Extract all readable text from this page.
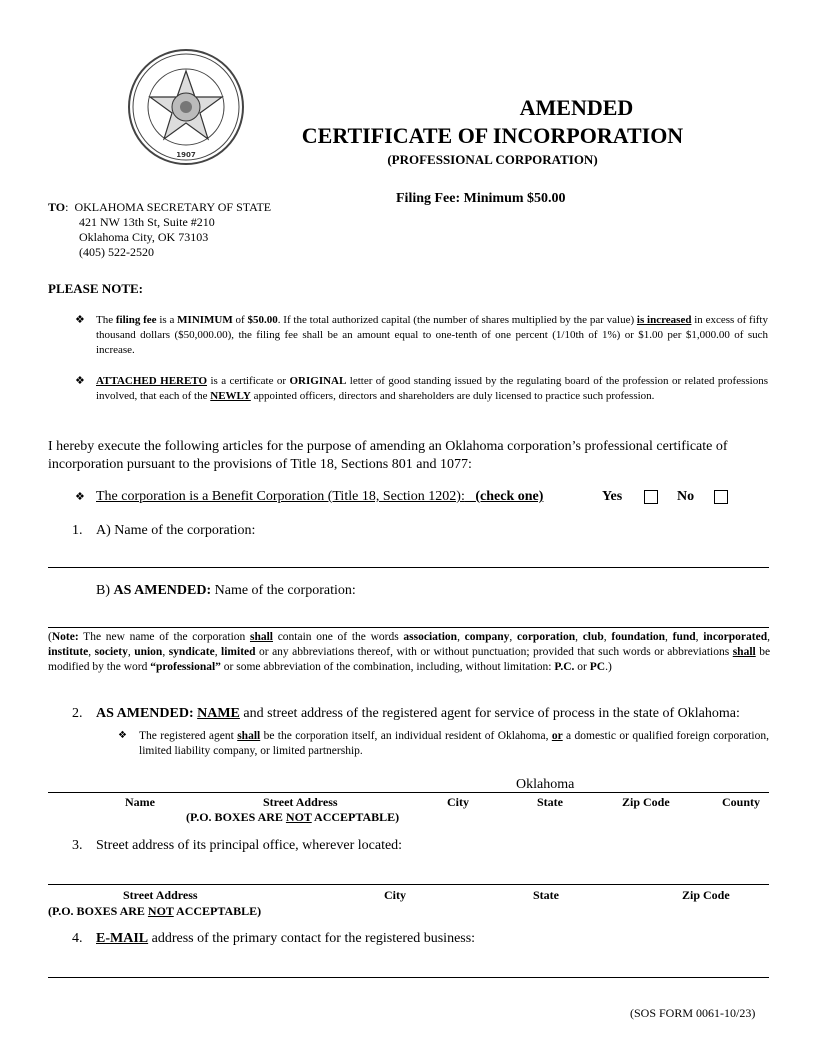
1907
AMENDED
CERTIFICATE OF INCORPORATION
(PROFESSIONAL CORPORATION)
Filing Fee: Minimum $50.00
TO:  OKLAHOMA SECRETARY OF STATE
421 NW 13th St, Suite #210
Oklahoma City, OK 73103
(405) 522-2520
PLEASE NOTE:
❖ The filing fee is a MINIMUM of $50.00. If the total authorized capital (the number of shares multiplied by the par value) is increased in excess of fifty thousand dollars ($50,000.00), the filing fee shall be an amount equal to one-tenth of one percent (1/10th of 1%) or $1.00 per $1,000.00 of such increase.
❖ ATTACHED HERETO is a certificate or ORIGINAL letter of good standing issued by the regulating board of the profession or related professions involved, that each of the NEWLY appointed officers, directors and shareholders are duly licensed to practice such profession.
I hereby execute the following articles for the purpose of amending an Oklahoma corporation’s professional certificate of incorporation pursuant to the provisions of Title 18, Sections 801 and 1077:
❖ The corporation is a Benefit Corporation (Title 18, Section 1202): (check one)	Yes	No
1. A) Name of the corporation:
B) AS AMENDED: Name of the corporation:
(Note: The new name of the corporation shall contain one of the words association, company, corporation, club, foundation, fund, incorporated, institute, society, union, syndicate, limited or any abbreviations thereof, with or without punctuation; provided that such words or abbreviations shall be modified by the word “professional” or some abbreviation of the combination, including, without limitation: P.C. or PC.)
2. AS AMENDED: NAME and street address of the registered agent for service of process in the state of Oklahoma:
❖ The registered agent shall be the corporation itself, an individual resident of Oklahoma, or a domestic or qualified foreign corporation, limited liability company, or limited partnership.
Oklahoma
Name	Street Address	City	State	Zip Code	County
(P.O. BOXES ARE NOT ACCEPTABLE)
3. Street address of its principal office, wherever located:
Street Address	City	State	Zip Code
(P.O. BOXES ARE NOT ACCEPTABLE)
4. E-MAIL address of the primary contact for the registered business:
(SOS FORM 0061-10/23)
